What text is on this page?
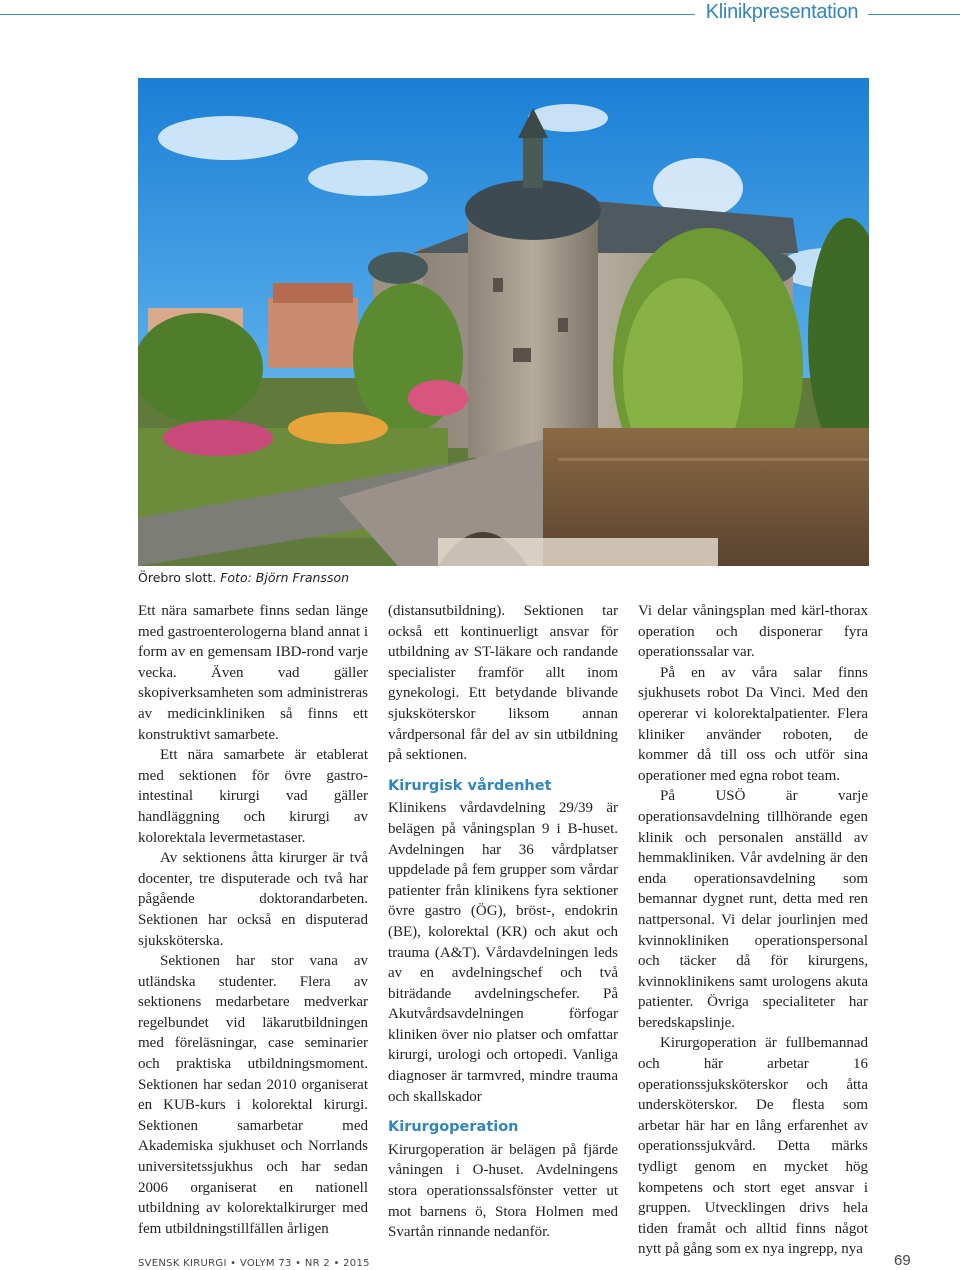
Klinikpresentation
Örebro slott. Foto: Björn Fransson

Ett nära samarbete finns sedan länge med gastroenterologerna bland annat i form av en gemensam IBD-rond varje vecka. Även vad gäller skopiverksamheten som administreras av medicinkliniken så finns ett konstruktivt samarbete.

Ett nära samarbete är etablerat med sektionen för övre gastro-intestinal kirurgi vad gäller handläggning och kirurgi av kolorektala levermetastaser.

Av sektionens åtta kirurger är två docenter, tre disputerade och två har pågående doktorandarbeten. Sektionen har också en disputerad sjuksköterska.

Sektionen har stor vana av utländska studenter. Flera av sektionens medarbetare medverkar regelbundet vid läkarutbildningen med föreläsningar, case seminarier och praktiska utbildningsmoment. Sektionen har sedan 2010 organiserat en KUB-kurs i kolorektal kirurgi. Sektionen samarbetar med Akademiska sjukhuset och Norrlands universitetssjukhus och har sedan 2006 organiserat en nationell utbildning av kolorektalkirurger med fem utbildningstillfällen årligen

(distansutbildning). Sektionen tar också ett kontinuerligt ansvar för utbildning av ST-läkare och randande specialister framför allt inom gynekologi. Ett betydande blivande sjuksköterskor liksom annan vårdpersonal får del av sin utbildning på sektionen.

Kirurgisk vårdenhet

Klinikens vårdavdelning 29/39 är belägen på våningsplan 9 i B-huset. Avdelningen har 36 vårdplatser uppdelade på fem grupper som vårdar patienter från klinikens fyra sektioner övre gastro (ÖG), bröst-, endokrin (BE), kolorektal (KR) och akut och trauma (A&T). Vårdavdelningen leds av en avdelningschef och två biträdande avdelningschefer. På Akutvårdsavdelningen förfogar kliniken över nio platser och omfattar kirurgi, urologi och ortopedi. Vanliga diagnoser är tarmvred, mindre trauma och skallskador

Kirurgoperation

Kirurgoperation är belägen på fjärde våningen i O-huset. Avdelningens stora operationssalsfönster vetter ut mot barnens ö, Stora Holmen med Svartån rinnande nedanför.

Vi delar våningsplan med kärl-thorax operation och disponerar fyra operationssalar var.

På en av våra salar finns sjukhusets robot Da Vinci. Med den opererar vi kolorektalpatienter. Flera kliniker använder roboten, de kommer då till oss och utför sina operationer med egna robot team.

På USÖ är varje operationsavdelning tillhörande egen klinik och personalen anställd av hemmakliniken. Vår avdelning är den enda operationsavdelning som bemannar dygnet runt, detta med ren nattpersonal. Vi delar jourlinjen med kvinnokliniken operationspersonal och täcker då för kirurgens, kvinnoklinikens samt urologens akuta patienter. Övriga specialiteter har beredskapslinje.

Kirurgoperation är fullbemannad och här arbetar 16 operationssjuksköterskor och åtta undersköterskor. De flesta som arbetar här har en lång erfarenhet av operationssjukvård. Detta märks tydligt genom en mycket hög kompetens och stort eget ansvar i gruppen. Utvecklingen drivs hela tiden framåt och alltid finns något nytt på gång som ex nya ingrepp, nya

SVENSK KIRURGI • VOLYM 73 • NR 2 • 2015	69
